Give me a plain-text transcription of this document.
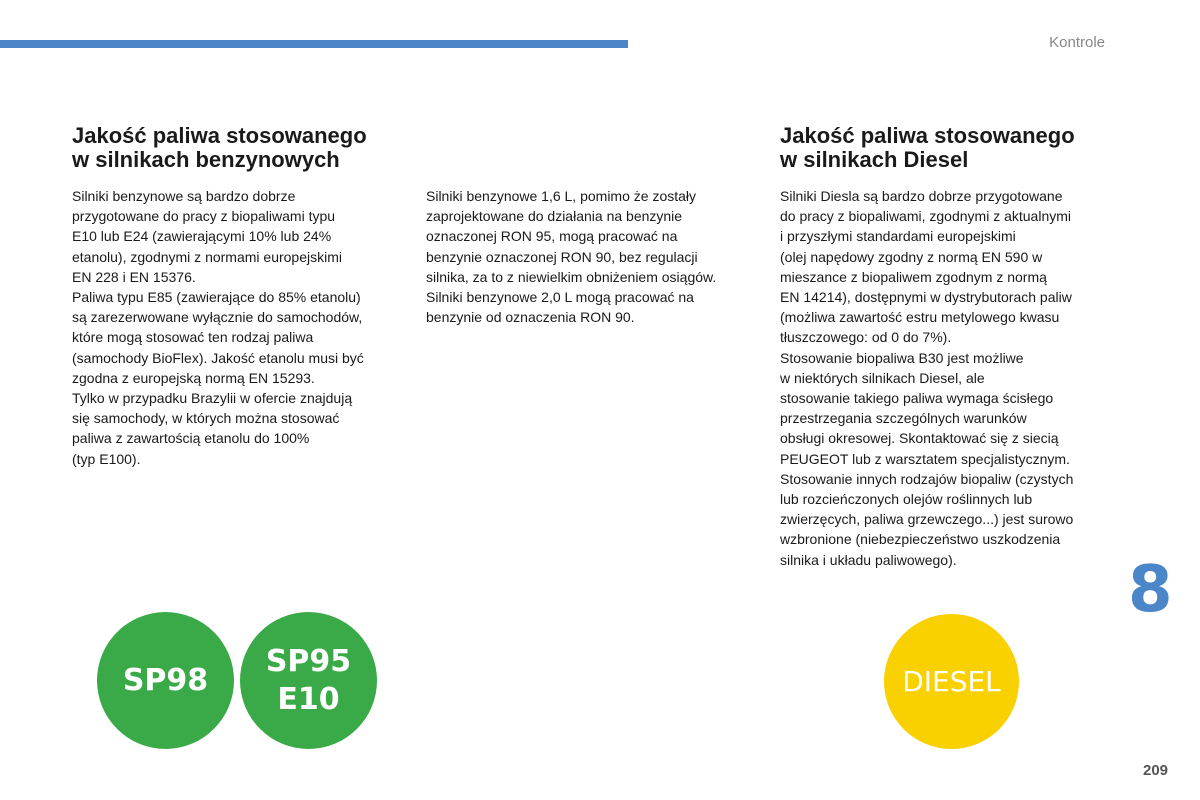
Kontrole
Jakość paliwa stosowanego
w silnikach benzynowych
Jakość paliwa stosowanego
w silnikach Diesel
Silniki benzynowe są bardzo dobrze
przygotowane do pracy z biopaliwami typu
E10 lub E24 (zawierającymi 10% lub 24%
etanolu), zgodnymi z normami europejskimi
EN 228 i EN 15376.
Paliwa typu E85 (zawierające do 85% etanolu)
są zarezerwowane wyłącznie do samochodów,
które mogą stosować ten rodzaj paliwa
(samochody BioFlex). Jakość etanolu musi być
zgodna z europejską normą EN 15293.
Tylko w przypadku Brazylii w ofercie znajdują
się samochody, w których można stosować
paliwa z zawartością etanolu do 100%
(typ E100).
Silniki benzynowe 1,6 L, pomimo że zostały
zaprojektowane do działania na benzynie
oznaczonej RON 95, mogą pracować na
benzynie oznaczonej RON 90, bez regulacji
silnika, za to z niewielkim obniżeniem osiągów.
Silniki benzynowe 2,0 L mogą pracować na
benzynie od oznaczenia RON 90.
Silniki Diesla są bardzo dobrze przygotowane
do pracy z biopaliwami, zgodnymi z aktualnymi
i przyszłymi standardami europejskimi
(olej napędowy zgodny z normą EN 590 w
mieszance z biopaliwem zgodnym z normą
EN 14214), dostępnymi w dystrybutorach paliw
(możliwa zawartość estru metylowego kwasu
tłuszczowego: od 0 do 7%).
Stosowanie biopaliwa B30 jest możliwe
w niektórych silnikach Diesel, ale
stosowanie takiego paliwa wymaga ścisłego
przestrzegania szczególnych warunków
obsługi okresowej. Skontaktować się z siecią
PEUGEOT lub z warsztatem specjalistycznym.
Stosowanie innych rodzajów biopaliw (czystych
lub rozcieńczonych olejów roślinnych lub
zwierzęcych, paliwa grzewczego...) jest surowo
wzbronione (niebezpieczeństwo uszkodzenia
silnika i układu paliwowego).
SP98
SP95
E10
DIESEL
8
209
